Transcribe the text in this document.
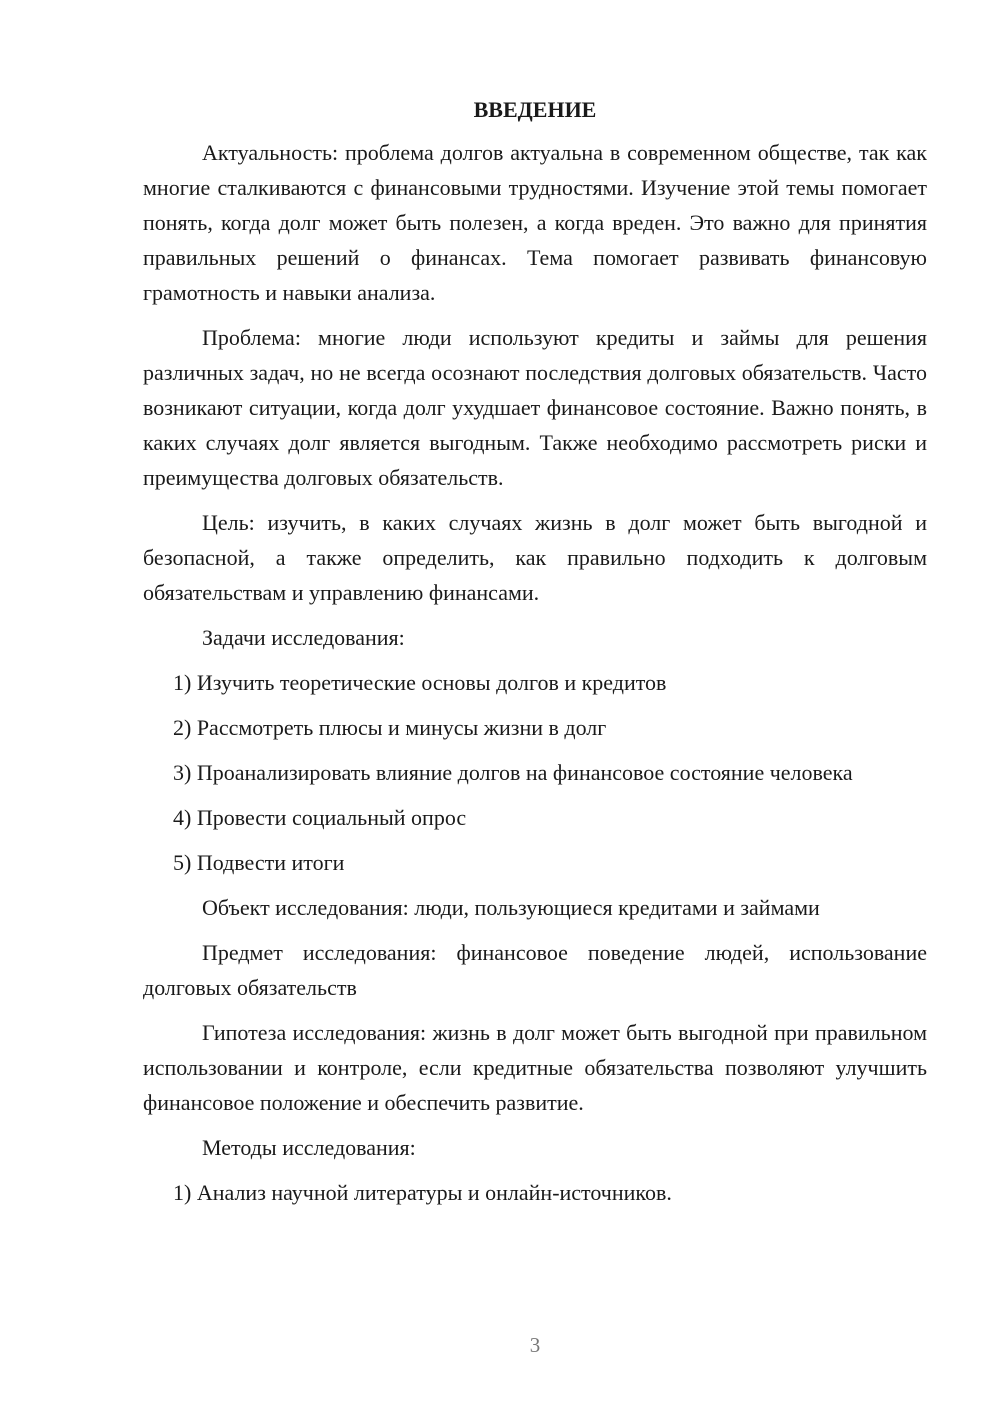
ВВЕДЕНИЕ

Актуальность: проблема долгов актуальна в современном обществе, так как многие сталкиваются с финансовыми трудностями. Изучение этой темы помогает понять, когда долг может быть полезен, а когда вреден. Это важно для принятия правильных решений о финансах. Тема помогает развивать финансовую грамотность и навыки анализа.

Проблема: многие люди используют кредиты и займы для решения различных задач, но не всегда осознают последствия долговых обязательств. Часто возникают ситуации, когда долг ухудшает финансовое состояние. Важно понять, в каких случаях долг является выгодным. Также необходимо рассмотреть риски и преимущества долговых обязательств.

Цель: изучить, в каких случаях жизнь в долг может быть выгодной и безопасной, а также определить, как правильно подходить к долговым обязательствам и управлению финансами.

Задачи исследования:

1) Изучить теоретические основы долгов и кредитов

2) Рассмотреть плюсы и минусы жизни в долг

3) Проанализировать влияние долгов на финансовое состояние человека

4) Провести социальный опрос

5) Подвести итоги

Объект исследования: люди, пользующиеся кредитами и займами

Предмет исследования: финансовое поведение людей, использование долговых обязательств

Гипотеза исследования: жизнь в долг может быть выгодной при правильном использовании и контроле, если кредитные обязательства позволяют улучшить финансовое положение и обеспечить развитие.

Методы исследования:

1) Анализ научной литературы и онлайн-источников.

3
